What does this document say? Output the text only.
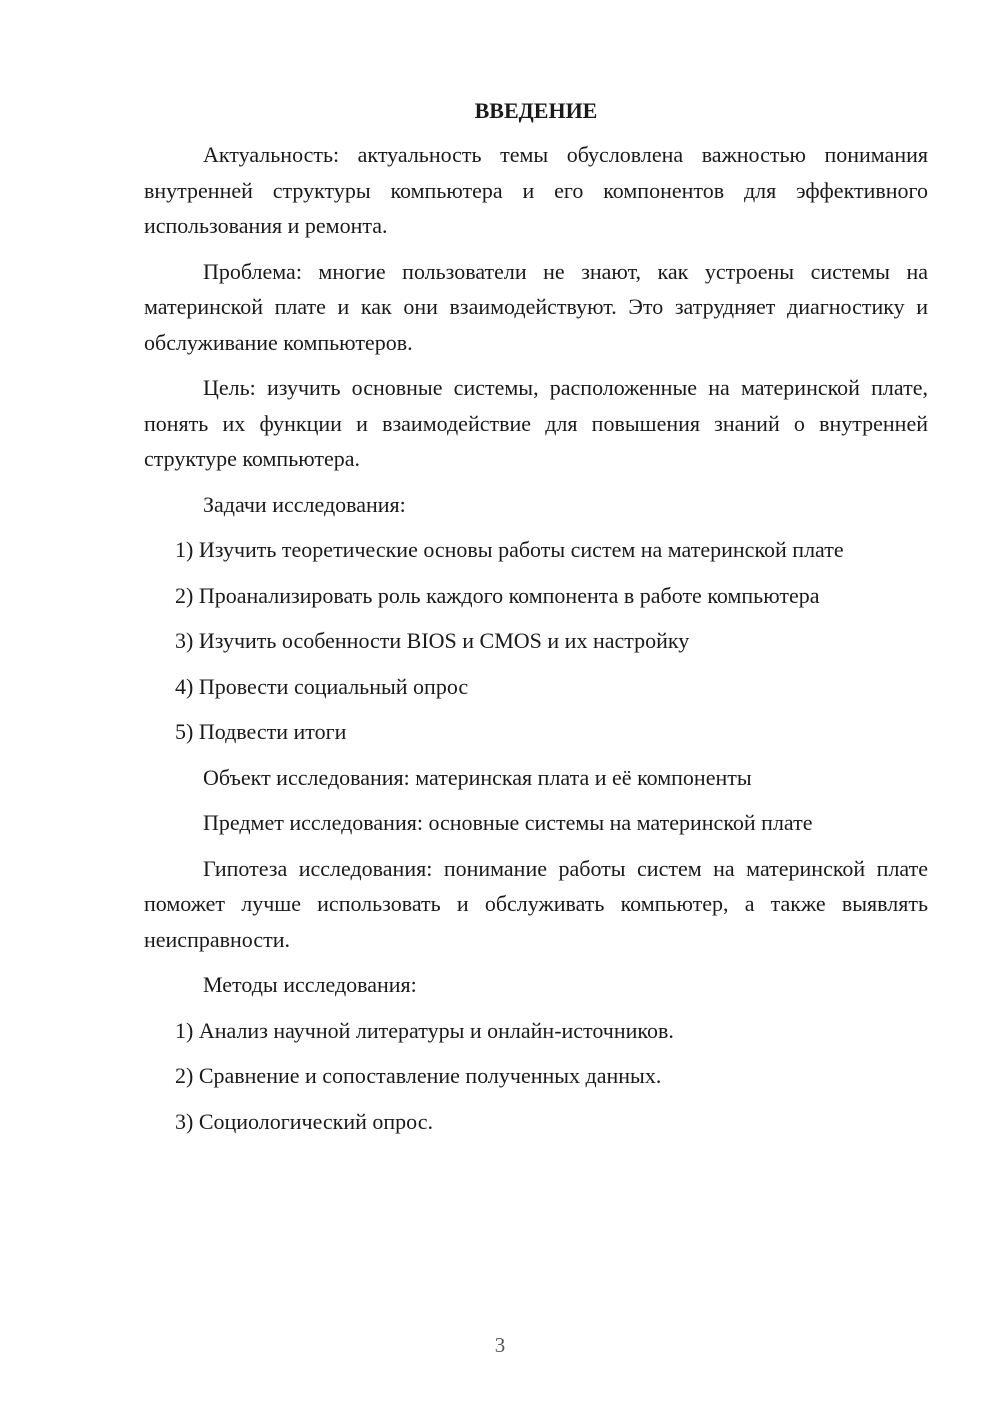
ВВЕДЕНИЕ

Актуальность: актуальность темы обусловлена важностью понимания внутренней структуры компьютера и его компонентов для эффективного использования и ремонта.

Проблема: многие пользователи не знают, как устроены системы на материнской плате и как они взаимодействуют. Это затрудняет диагностику и обслуживание компьютеров.

Цель: изучить основные системы, расположенные на материнской плате, понять их функции и взаимодействие для повышения знаний о внутренней структуре компьютера.

Задачи исследования:

1) Изучить теоретические основы работы систем на материнской плате

2) Проанализировать роль каждого компонента в работе компьютера

3) Изучить особенности BIOS и CMOS и их настройку

4) Провести социальный опрос

5) Подвести итоги

Объект исследования: материнская плата и её компоненты

Предмет исследования: основные системы на материнской плате

Гипотеза исследования: понимание работы систем на материнской плате поможет лучше использовать и обслуживать компьютер, а также выявлять неисправности.

Методы исследования:

1) Анализ научной литературы и онлайн-источников.

2) Сравнение и сопоставление полученных данных.

3) Социологический опрос.

3
